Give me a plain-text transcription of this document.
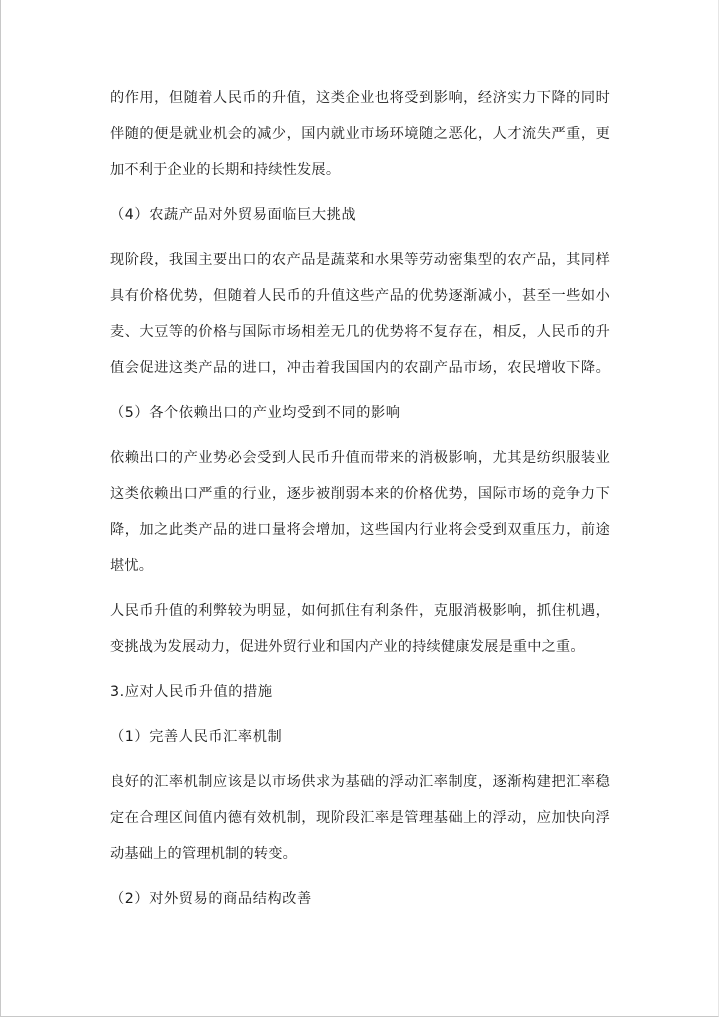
的作用，但随着人民币的升值，这类企业也将受到影响，经济实力下降的同时
伴随的便是就业机会的减少，国内就业市场环境随之恶化，人才流失严重，更
加不利于企业的长期和持续性发展。
（4）农蔬产品对外贸易面临巨大挑战
现阶段，我国主要出口的农产品是蔬菜和水果等劳动密集型的农产品，其同样
具有价格优势，但随着人民币的升值这些产品的优势逐渐减小，甚至一些如小
麦、大豆等的价格与国际市场相差无几的优势将不复存在，相反，人民币的升
值会促进这类产品的进口，冲击着我国国内的农副产品市场，农民增收下降。
（5）各个依赖出口的产业均受到不同的影响
依赖出口的产业势必会受到人民币升值而带来的消极影响，尤其是纺织服装业
这类依赖出口严重的行业，逐步被削弱本来的价格优势，国际市场的竞争力下
降，加之此类产品的进口量将会增加，这些国内行业将会受到双重压力，前途
堪忧。
人民币升值的利弊较为明显，如何抓住有利条件，克服消极影响，抓住机遇，
变挑战为发展动力，促进外贸行业和国内产业的持续健康发展是重中之重。
3.应对人民币升值的措施
（1）完善人民币汇率机制
良好的汇率机制应该是以市场供求为基础的浮动汇率制度，逐渐构建把汇率稳
定在合理区间值内德有效机制，现阶段汇率是管理基础上的浮动，应加快向浮
动基础上的管理机制的转变。
（2）对外贸易的商品结构改善
